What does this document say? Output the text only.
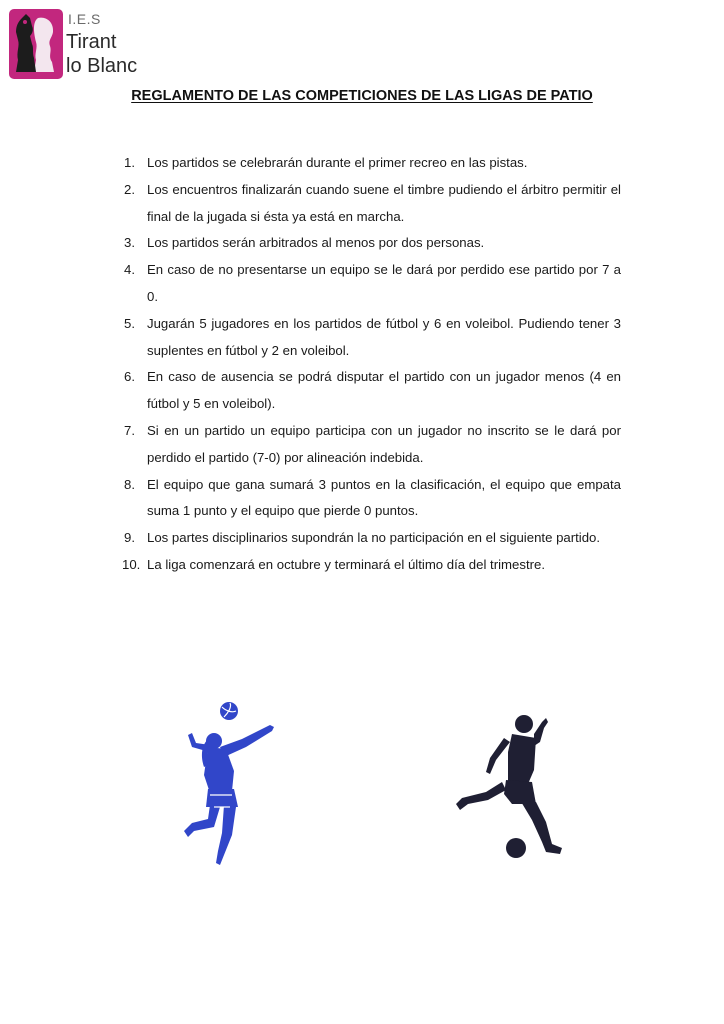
I.E.S
Tirant
lo Blanc
REGLAMENTO DE LAS COMPETICIONES DE LAS LIGAS DE PATIO
1. Los partidos se celebrarán durante el primer recreo en las pistas.
2. Los encuentros finalizarán cuando suene el timbre pudiendo el árbitro permitir el final de la jugada si ésta ya está en marcha.
3. Los partidos serán arbitrados al menos por dos personas.
4. En caso de no presentarse un equipo se le dará por perdido ese partido por 7 a 0.
5. Jugarán 5 jugadores en los partidos de fútbol y 6 en voleibol. Pudiendo tener 3 suplentes en fútbol y 2 en voleibol.
6. En caso de ausencia se podrá disputar el partido con un jugador menos (4 en fútbol y 5 en voleibol).
7. Si en un partido un equipo participa con un jugador no inscrito se le dará por perdido el partido (7-0) por alineación indebida.
8. El equipo que gana sumará 3 puntos en la clasificación, el equipo que empata suma 1 punto y el equipo que pierde 0 puntos.
9. Los partes disciplinarios supondrán la no participación en el siguiente partido.
10. La liga comenzará en octubre y terminará el último día del trimestre.
